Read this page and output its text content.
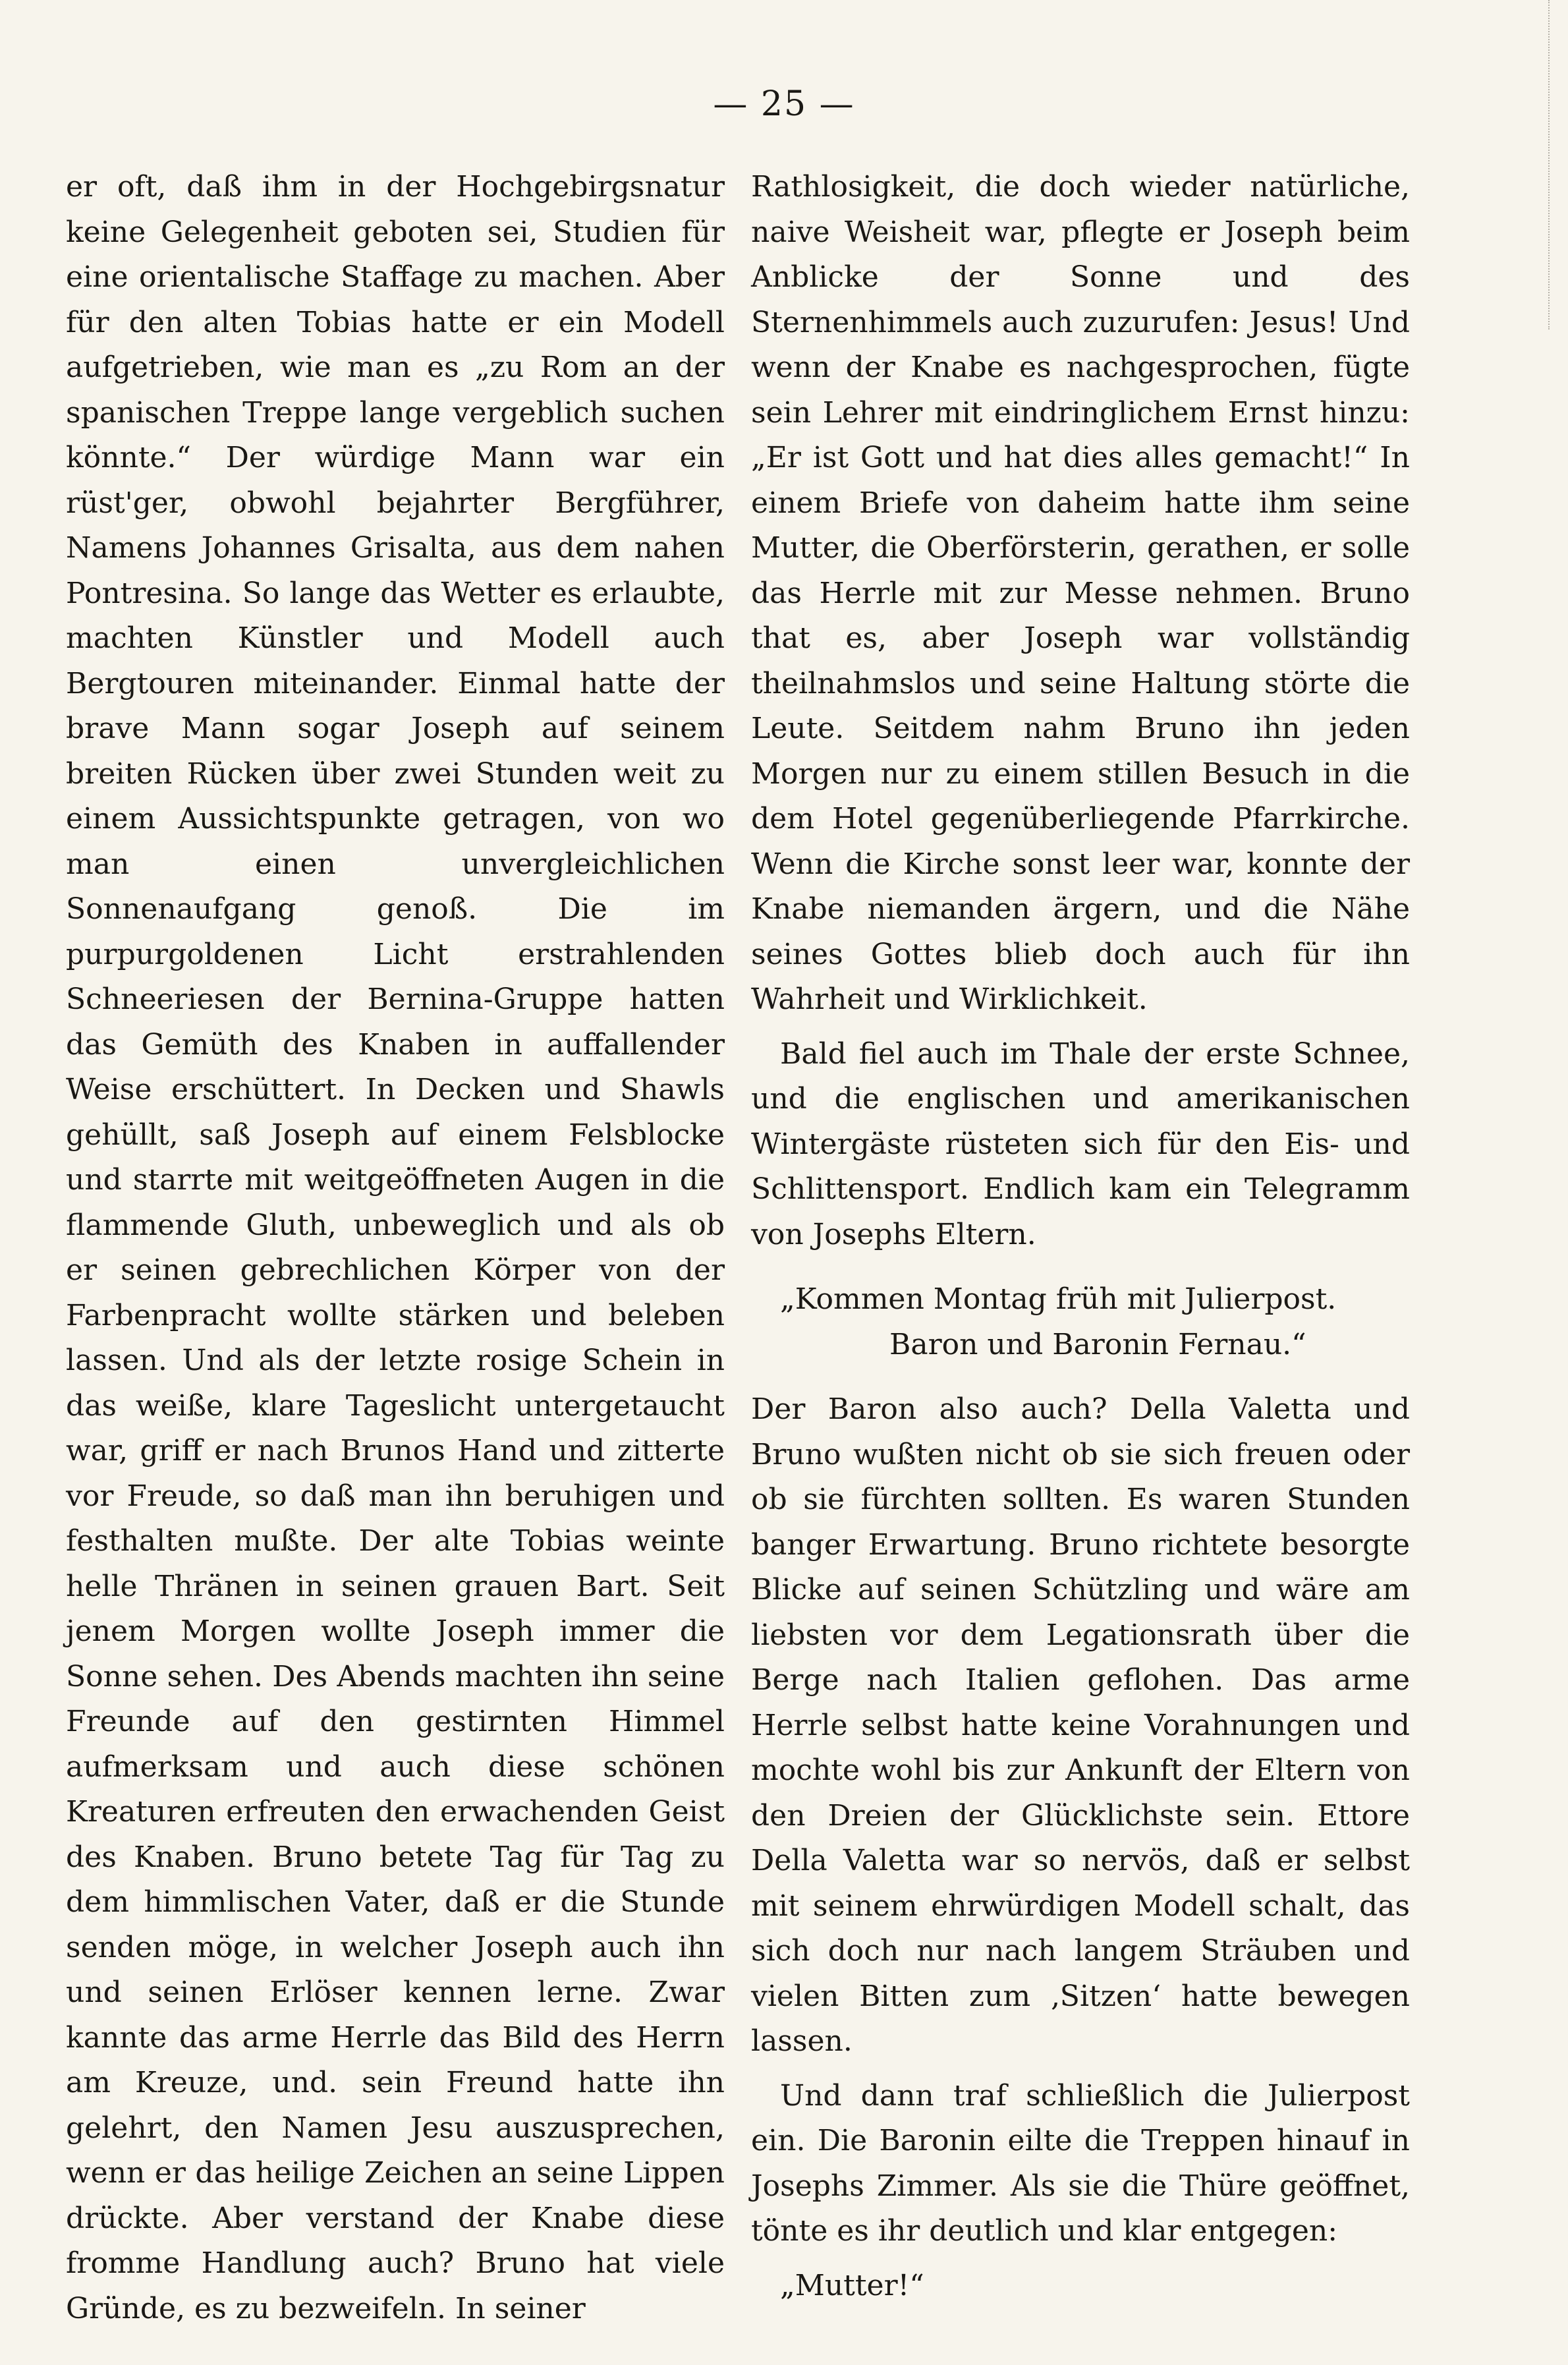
— 25 —

er oft, daß ihm in der Hochgebirgsnatur keine Gelegenheit geboten sei, Studien für eine orientalische Staffage zu machen. Aber für den alten Tobias hatte er ein Modell aufgetrieben, wie man es „zu Rom an der spanischen Treppe lange vergeblich suchen könnte.“ Der würdige Mann war ein rüst'ger, obwohl bejahrter Bergführer, Namens Johannes Grisalta, aus dem nahen Pontresina. So lange das Wetter es erlaubte, machten Künstler und Modell auch Bergtouren miteinander. Einmal hatte der brave Mann sogar Joseph auf seinem breiten Rücken über zwei Stunden weit zu einem Aussichtspunkte getragen, von wo man einen unvergleichlichen Sonnenaufgang genoß. Die im purpurgoldenen Licht erstrahlenden Schneeriesen der Bernina-Gruppe hatten das Gemüth des Knaben in auffallender Weise erschüttert. In Decken und Shawls gehüllt, saß Joseph auf einem Felsblocke und starrte mit weitgeöffneten Augen in die flammende Gluth, unbeweglich und als ob er seinen gebrechlichen Körper von der Farbenpracht wollte stärken und beleben lassen. Und als der letzte rosige Schein in das weiße, klare Tageslicht untergetaucht war, griff er nach Brunos Hand und zitterte vor Freude, so daß man ihn beruhigen und festhalten mußte. Der alte Tobias weinte helle Thränen in seinen grauen Bart. Seit jenem Morgen wollte Joseph immer die Sonne sehen. Des Abends machten ihn seine Freunde auf den gestirnten Himmel aufmerksam und auch diese schönen Kreaturen erfreuten den erwachenden Geist des Knaben. Bruno betete Tag für Tag zu dem himmlischen Vater, daß er die Stunde senden möge, in welcher Joseph auch ihn und seinen Erlöser kennen lerne. Zwar kannte das arme Herrle das Bild des Herrn am Kreuze, und. sein Freund hatte ihn gelehrt, den Namen Jesu auszusprechen, wenn er das heilige Zeichen an seine Lippen drückte. Aber verstand der Knabe diese fromme Handlung auch? Bruno hat viele Gründe, es zu bezweifeln. In seiner

Rathlosigkeit, die doch wieder natürliche, naive Weisheit war, pflegte er Joseph beim Anblicke der Sonne und des Sternenhimmels auch zuzurufen: Jesus! Und wenn der Knabe es nachgesprochen, fügte sein Lehrer mit eindringlichem Ernst hinzu: „Er ist Gott und hat dies alles gemacht!“ In einem Briefe von daheim hatte ihm seine Mutter, die Oberförsterin, gerathen, er solle das Herrle mit zur Messe nehmen. Bruno that es, aber Joseph war vollständig theilnahmslos und seine Haltung störte die Leute. Seitdem nahm Bruno ihn jeden Morgen nur zu einem stillen Besuch in die dem Hotel gegenüberliegende Pfarrkirche. Wenn die Kirche sonst leer war, konnte der Knabe niemanden ärgern, und die Nähe seines Gottes blieb doch auch für ihn Wahrheit und Wirklichkeit.

Bald fiel auch im Thale der erste Schnee, und die englischen und amerikanischen Wintergäste rüsteten sich für den Eis- und Schlittensport. Endlich kam ein Telegramm von Josephs Eltern.

„Kommen Montag früh mit Julierpost.
Baron und Baronin Fernau.“

Der Baron also auch? Della Valetta und Bruno wußten nicht ob sie sich freuen oder ob sie fürchten sollten. Es waren Stunden banger Erwartung. Bruno richtete besorgte Blicke auf seinen Schützling und wäre am liebsten vor dem Legationsrath über die Berge nach Italien geflohen. Das arme Herrle selbst hatte keine Vorahnungen und mochte wohl bis zur Ankunft der Eltern von den Dreien der Glücklichste sein. Ettore Della Valetta war so nervös, daß er selbst mit seinem ehrwürdigen Modell schalt, das sich doch nur nach langem Sträuben und vielen Bitten zum ‚Sitzen‘ hatte bewegen lassen.

Und dann traf schließlich die Julierpost ein. Die Baronin eilte die Treppen hinauf in Josephs Zimmer. Als sie die Thüre geöffnet, tönte es ihr deutlich und klar entgegen:

„Mutter!“
